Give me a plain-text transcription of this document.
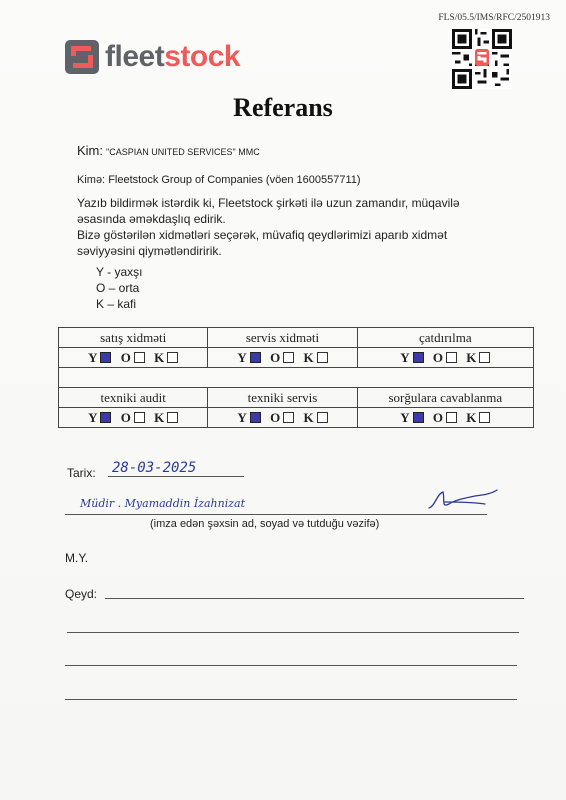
FLS/05.5/IMS/RFC/2501913
fleetstock
Referans
Kim: "CASPIAN UNITED SERVICES" MMC
Kimə: Fleetstock Group of Companies (vöen 1600557711)
Yazıb bildirmək istərdik ki, Fleetstock şirkəti ilə uzun zamandır, müqavilə
əsasında əməkdaşlıq edirik.
Bizə göstərilən xidmətləri seçərək, müvafiq qeydlərimizi aparıb xidmət
səviyyəsini qiymətləndiririk.
Y - yaxşı
O – orta
K – kafi
satış xidməti	servis xidməti	çatdırılma
Y O K	Y O K	Y O K

texniki audit	texniki servis	sorğulara cavablanma
Y O K	Y O K	Y O K
Tarix: 28-03-2025
Müdir . Myamaddin İzahnizat
(imza edən şəxsin ad, soyad və tutduğu vəzifə)
M.Y.
Qeyd:
